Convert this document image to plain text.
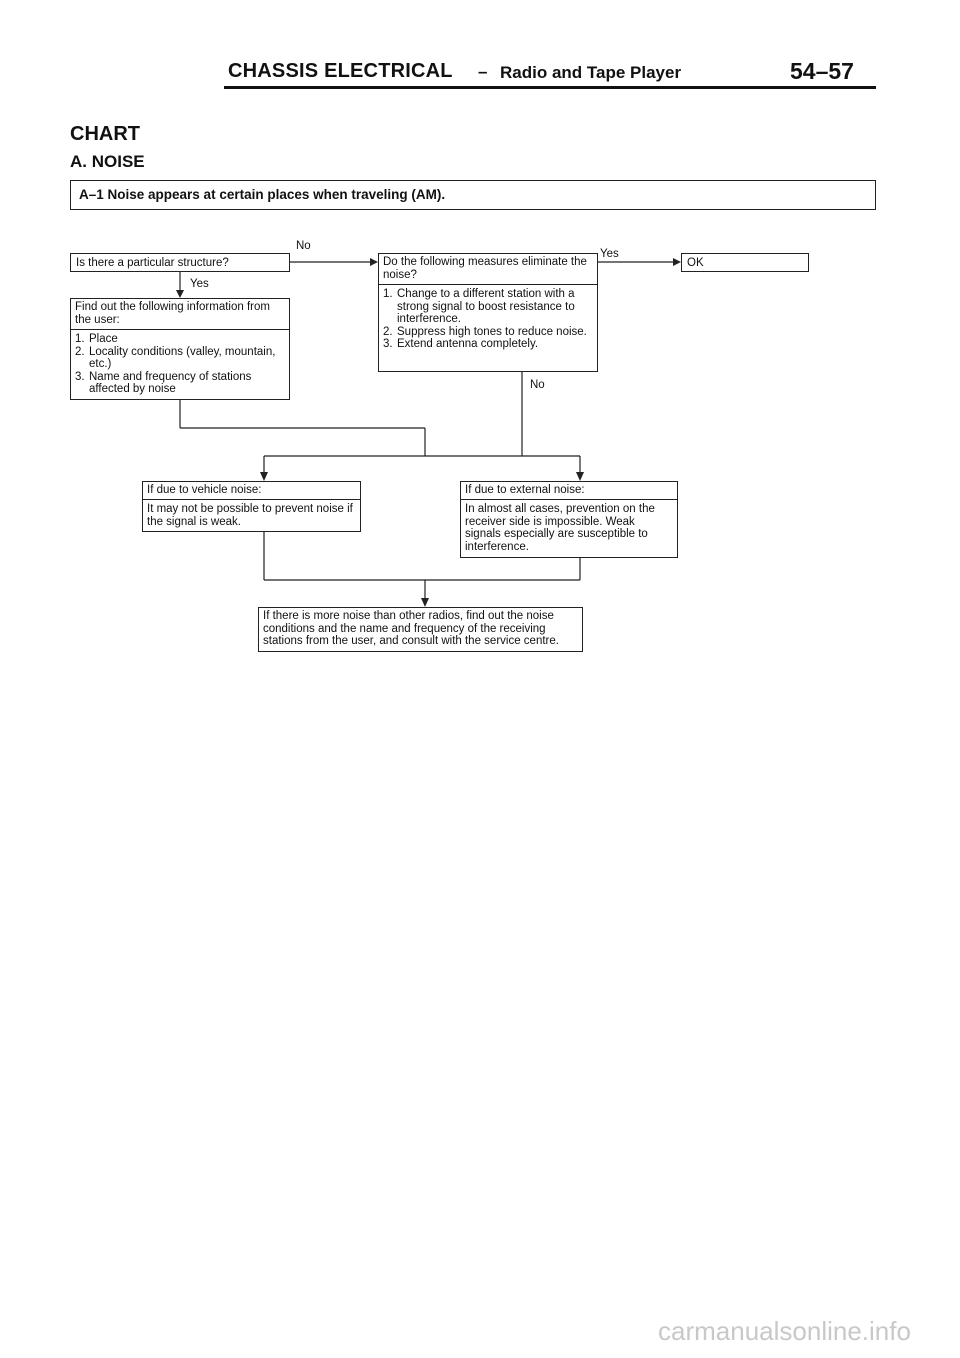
CHASSIS ELECTRICAL – Radio and Tape Player	54–57
CHART
A. NOISE
A–1 Noise appears at certain places when traveling (AM).
Is there a particular structure?
No
Yes
Find out the following information from the user:
1. Place
2. Locality conditions (valley, mountain, etc.)
3. Name and frequency of stations affected by noise
Do the following measures eliminate the noise?
1. Change to a different station with a strong signal to boost resistance to interference.
2. Suppress high tones to reduce noise.
3. Extend antenna completely.
Yes
No
OK
If due to vehicle noise:
It may not be possible to prevent noise if the signal is weak.
If due to external noise:
In almost all cases, prevention on the receiver side is impossible. Weak signals especially are susceptible to interference.
If there is more noise than other radios, find out the noise conditions and the name and frequency of the receiving stations from the user, and consult with the service centre.
carmanualsonline.info
